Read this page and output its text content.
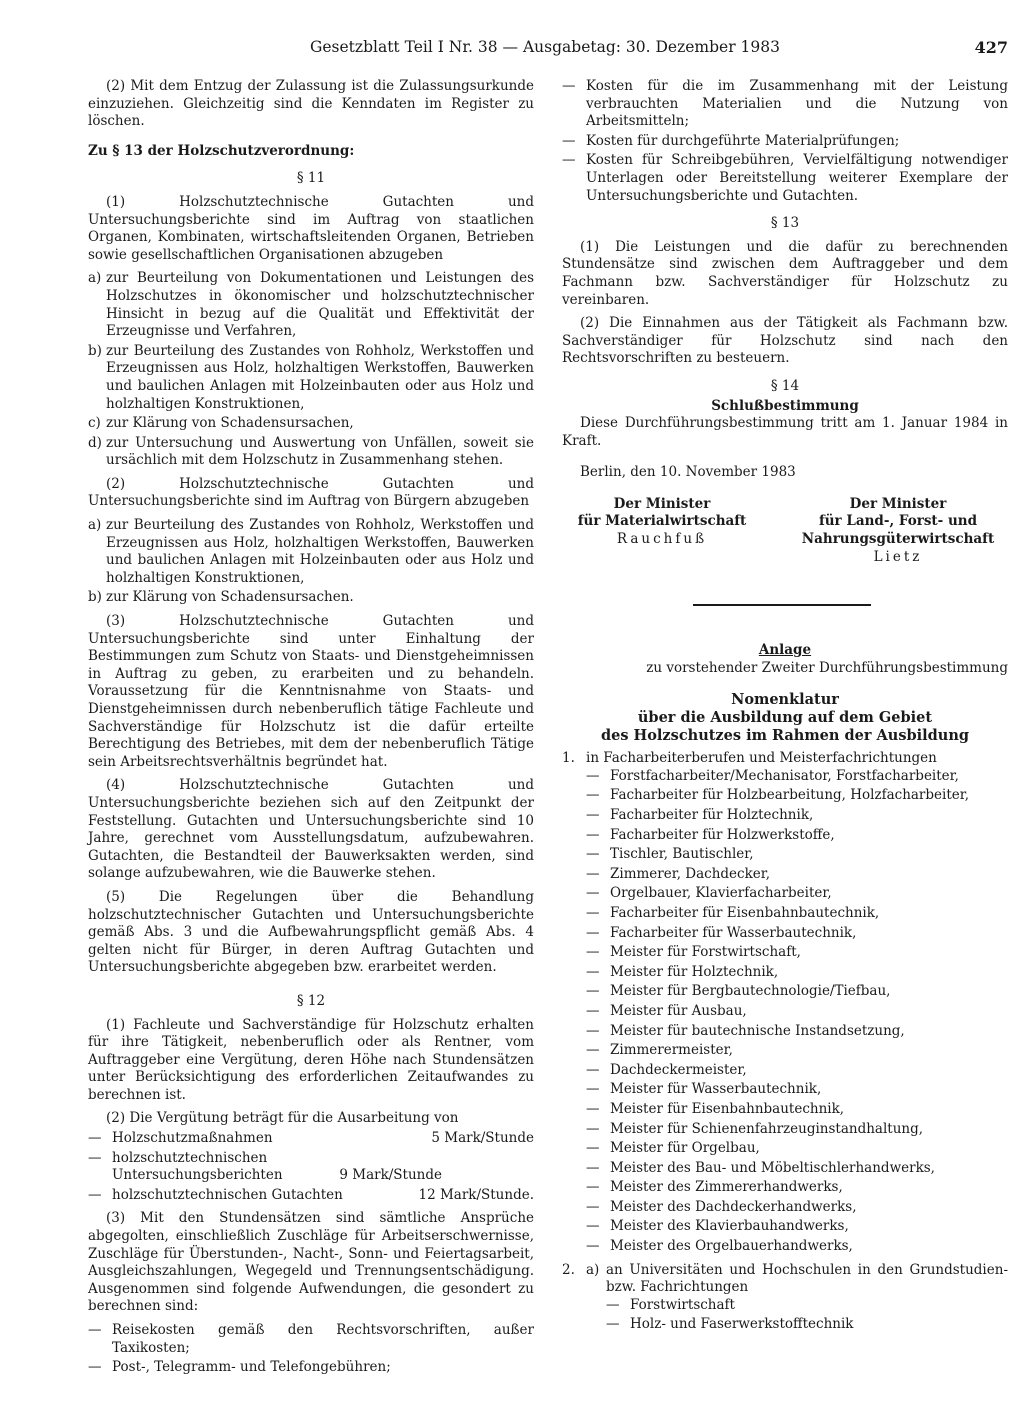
Gesetzblatt Teil I Nr. 38 — Ausgabetag: 30. Dezember 1983	427

(2) Mit dem Entzug der Zulassung ist die Zulassungsurkunde einzuziehen. Gleichzeitig sind die Kenndaten im Register zu löschen.

Zu § 13 der Holzschutzverordnung:

§ 11

(1) Holzschutztechnische Gutachten und Untersuchungsberichte sind im Auftrag von staatlichen Organen, Kombinaten, wirtschaftsleitenden Organen, Betrieben sowie gesellschaftlichen Organisationen abzugeben

a) zur Beurteilung von Dokumentationen und Leistungen des Holzschutzes in ökonomischer und holzschutztechnischer Hinsicht in bezug auf die Qualität und Effektivität der Erzeugnisse und Verfahren,
b) zur Beurteilung des Zustandes von Rohholz, Werkstoffen und Erzeugnissen aus Holz, holzhaltigen Werkstoffen, Bauwerken und baulichen Anlagen mit Holzeinbauten oder aus Holz und holzhaltigen Konstruktionen,
c) zur Klärung von Schadensursachen,
d) zur Untersuchung und Auswertung von Unfällen, soweit sie ursächlich mit dem Holzschutz in Zusammenhang stehen.

(2) Holzschutztechnische Gutachten und Untersuchungsberichte sind im Auftrag von Bürgern abzugeben

a) zur Beurteilung des Zustandes von Rohholz, Werkstoffen und Erzeugnissen aus Holz, holzhaltigen Werkstoffen, Bauwerken und baulichen Anlagen mit Holzeinbauten oder aus Holz und holzhaltigen Konstruktionen,
b) zur Klärung von Schadensursachen.

(3) Holzschutztechnische Gutachten und Untersuchungsberichte sind unter Einhaltung der Bestimmungen zum Schutz von Staats- und Dienstgeheimnissen in Auftrag zu geben, zu erarbeiten und zu behandeln. Voraussetzung für die Kenntnisnahme von Staats- und Dienstgeheimnissen durch nebenberuflich tätige Fachleute und Sachverständige für Holzschutz ist die dafür erteilte Berechtigung des Betriebes, mit dem der nebenberuflich Tätige sein Arbeitsrechtsverhältnis begründet hat.

(4) Holzschutztechnische Gutachten und Untersuchungsberichte beziehen sich auf den Zeitpunkt der Feststellung. Gutachten und Untersuchungsberichte sind 10 Jahre, gerechnet vom Ausstellungsdatum, aufzubewahren. Gutachten, die Bestandteil der Bauwerksakten werden, sind solange aufzubewahren, wie die Bauwerke stehen.

(5) Die Regelungen über die Behandlung holzschutztechnischer Gutachten und Untersuchungsberichte gemäß Abs. 3 und die Aufbewahrungspflicht gemäß Abs. 4 gelten nicht für Bürger, in deren Auftrag Gutachten und Untersuchungsberichte abgegeben bzw. erarbeitet werden.

§ 12

(1) Fachleute und Sachverständige für Holzschutz erhalten für ihre Tätigkeit, nebenberuflich oder als Rentner, vom Auftraggeber eine Vergütung, deren Höhe nach Stundensätzen unter Berücksichtigung des erforderlichen Zeitaufwandes zu berechnen ist.

(2) Die Vergütung beträgt für die Ausarbeitung von

— Holzschutzmaßnahmen	5 Mark/Stunde
— holzschutztechnischen Untersuchungsberichten	9 Mark/Stunde
— holzschutztechnischen Gutachten	12 Mark/Stunde.

(3) Mit den Stundensätzen sind sämtliche Ansprüche abgegolten, einschließlich Zuschläge für Arbeitserschwernisse, Zuschläge für Überstunden-, Nacht-, Sonn- und Feiertagsarbeit, Ausgleichszahlungen, Wegegeld und Trennungsentschädigung. Ausgenommen sind folgende Aufwendungen, die gesondert zu berechnen sind:

— Reisekosten gemäß den Rechtsvorschriften, außer Taxikosten;
— Post-, Telegramm- und Telefongebühren;
— Kosten für die im Zusammenhang mit der Leistung verbrauchten Materialien und die Nutzung von Arbeitsmitteln;
— Kosten für durchgeführte Materialprüfungen;
— Kosten für Schreibgebühren, Vervielfältigung notwendiger Unterlagen oder Bereitstellung weiterer Exemplare der Untersuchungsberichte und Gutachten.
§ 13

(1) Die Leistungen und die dafür zu berechnenden Stundensätze sind zwischen dem Auftraggeber und dem Fachmann bzw. Sachverständiger für Holzschutz zu vereinbaren.

(2) Die Einnahmen aus der Tätigkeit als Fachmann bzw. Sachverständiger für Holzschutz sind nach den Rechtsvorschriften zu besteuern.

§ 14
Schlußbestimmung

Diese Durchführungsbestimmung tritt am 1. Januar 1984 in Kraft.

Berlin, den 10. November 1983

Der Minister
für Materialwirtschaft
Rauchfuß
Der Minister
für Land-, Forst- und
Nahrungsgüterwirtschaft
Lietz
Anlage
zu vorstehender Zweiter Durchführungsbestimmung
Nomenklatur
über die Ausbildung auf dem Gebiet
des Holzschutzes im Rahmen der Ausbildung
1. in Facharbeiterberufen und Meisterfachrichtungen
— Forstfacharbeiter/Mechanisator, Forstfacharbeiter,
— Facharbeiter für Holzbearbeitung, Holzfacharbeiter,
— Facharbeiter für Holztechnik,
— Facharbeiter für Holzwerkstoffe,
— Tischler, Bautischler,
— Zimmerer, Dachdecker,
— Orgelbauer, Klavierfacharbeiter,
— Facharbeiter für Eisenbahnbautechnik,
— Facharbeiter für Wasserbautechnik,
— Meister für Forstwirtschaft,
— Meister für Holztechnik,
— Meister für Bergbautechnologie/Tiefbau,
— Meister für Ausbau,
— Meister für bautechnische Instandsetzung,
— Zimmerermeister,
— Dachdeckermeister,
— Meister für Wasserbautechnik,
— Meister für Eisenbahnbautechnik,
— Meister für Schienenfahrzeuginstandhaltung,
— Meister für Orgelbau,
— Meister des Bau- und Möbeltischlerhandwerks,
— Meister des Zimmererhandwerks,
— Meister des Dachdeckerhandwerks,
— Meister des Klavierbauhandwerks,
— Meister des Orgelbauerhandwerks,
2. a) an Universitäten und Hochschulen in den Grundstudien- bzw. Fachrichtungen
— Forstwirtschaft
— Holz- und Faserwerkstofftechnik
